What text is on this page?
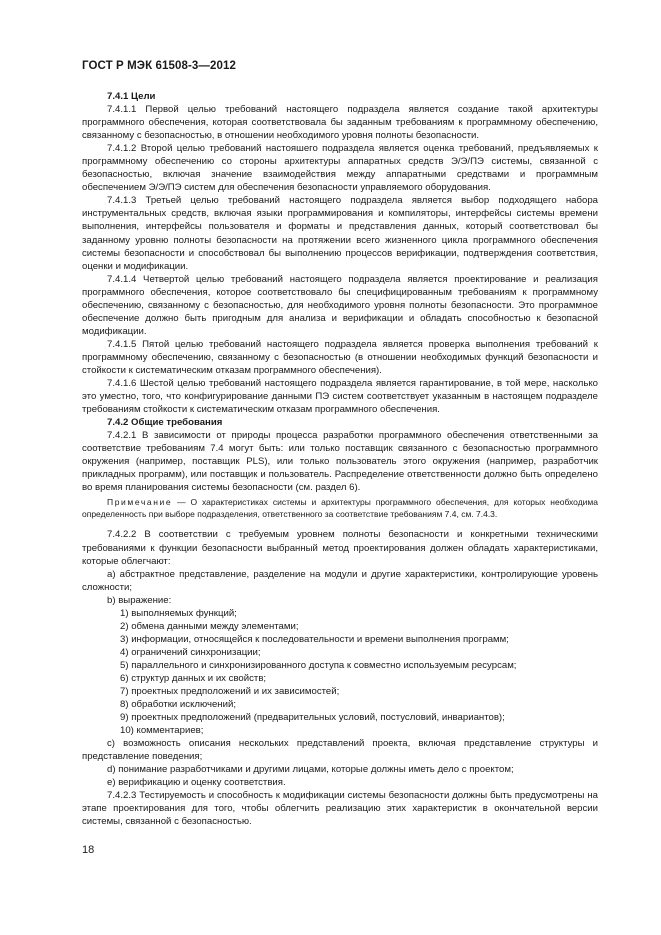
ГОСТ Р МЭК 61508-3—2012

7.4.1 Цели

7.4.1.1 Первой целью требований настоящего подраздела является создание такой архитектуры программного обеспечения, которая соответствовала бы заданным требованиям к программному обеспечению, связанному с безопасностью, в отношении необходимого уровня полноты безопасности.

7.4.1.2 Второй целью требований настояшего подраздела является оценка требований, предъявляемых к программному обеспечению со стороны архитектуры аппаратных средств Э/Э/ПЭ системы, связанной с безопасностью, включая значение взаимодействия между аппаратными средствами и программным обеспечением Э/Э/ПЭ систем для обеспечения безопасности управляемого оборудования.

7.4.1.3 Третьей целью требований настоящего подраздела является выбор подходящего набора инструментальных средств, включая языки программирования и компиляторы, интерфейсы системы времени выполнения, интерфейсы пользователя и форматы и представления данных, который соответствовал бы заданному уровню полноты безопасности на протяжении всего жизненного цикла программного обеспечения системы безопасности и способствовал бы выполнению процессов верификации, подтверждения соответствия, оценки и модификации.

7.4.1.4 Четвертой целью требований настоящего подраздела является проектирование и реализация программного обеспечения, которое соответствовало бы специфицированным требованиям к программному обеспечению, связанному с безопасностью, для необходимого уровня полноты безопасности. Это программное обеспечение должно быть пригодным для анализа и верификации и обладать способностью к безопасной модификации.

7.4.1.5 Пятой целью требований настоящего подраздела является проверка выполнения требований к программному обеспечению, связанному с безопасностью (в отношении необходимых функций безопасности и стойкости к систематическим отказам программного обеспечения).

7.4.1.6 Шестой целью требований настоящего подраздела является гарантирование, в той мере, насколько это уместно, того, что конфигурирование данными ПЭ систем соответствует указанным в настоящем подразделе требованиям стойкости к систематическим отказам программного обеспечения.

7.4.2 Общие требования

7.4.2.1 В зависимости от природы процесса разработки программного обеспечения ответственными за соответствие требованиям 7.4 могут быть: или только поставщик связанного с безопасностью программного окружения (например, поставщик PLS), или только пользователь этого окружения (например, разработчик прикладных программ), или поставщик и пользователь. Распределение ответственности должно быть определено во время планирования системы безопасности (см. раздел 6).

Примечание — О характеристиках системы и архитектуры программного обеспечения, для которых необходима определенность при выборе подразделения, ответственного за соответствие требованиям 7.4, см. 7.4.3.

7.4.2.2 В соответствии с требуемым уровнем полноты безопасности и конкретными техническими требованиями к функции безопасности выбранный метод проектирования должен обладать характеристиками, которые облегчают:

a) абстрактное представление, разделение на модули и другие характеристики, контролирующие уровень сложности;

b) выражение:

1) выполняемых функций;

2) обмена данными между элементами;

3) информации, относящейся к последовательности и времени выполнения программ;

4) ограничений синхронизации;

5) параллельного и синхронизированного доступа к совместно используемым ресурсам;

6) структур данных и их свойств;

7) проектных предположений и их зависимостей;

8) обработки исключений;

9) проектных предположений (предварительных условий, постусловий, инвариантов);

10) комментариев;

c) возможность описания нескольких представлений проекта, включая представление структуры и представление поведения;

d) понимание разработчиками и другими лицами, которые должны иметь дело с проектом;

e) верификацию и оценку соответствия.

7.4.2.3 Тестируемость и способность к модификации системы безопасности должны быть предусмотрены на этапе проектирования для того, чтобы облегчить реализацию этих характеристик в окончательной версии системы, связанной с безопасностью.

18
